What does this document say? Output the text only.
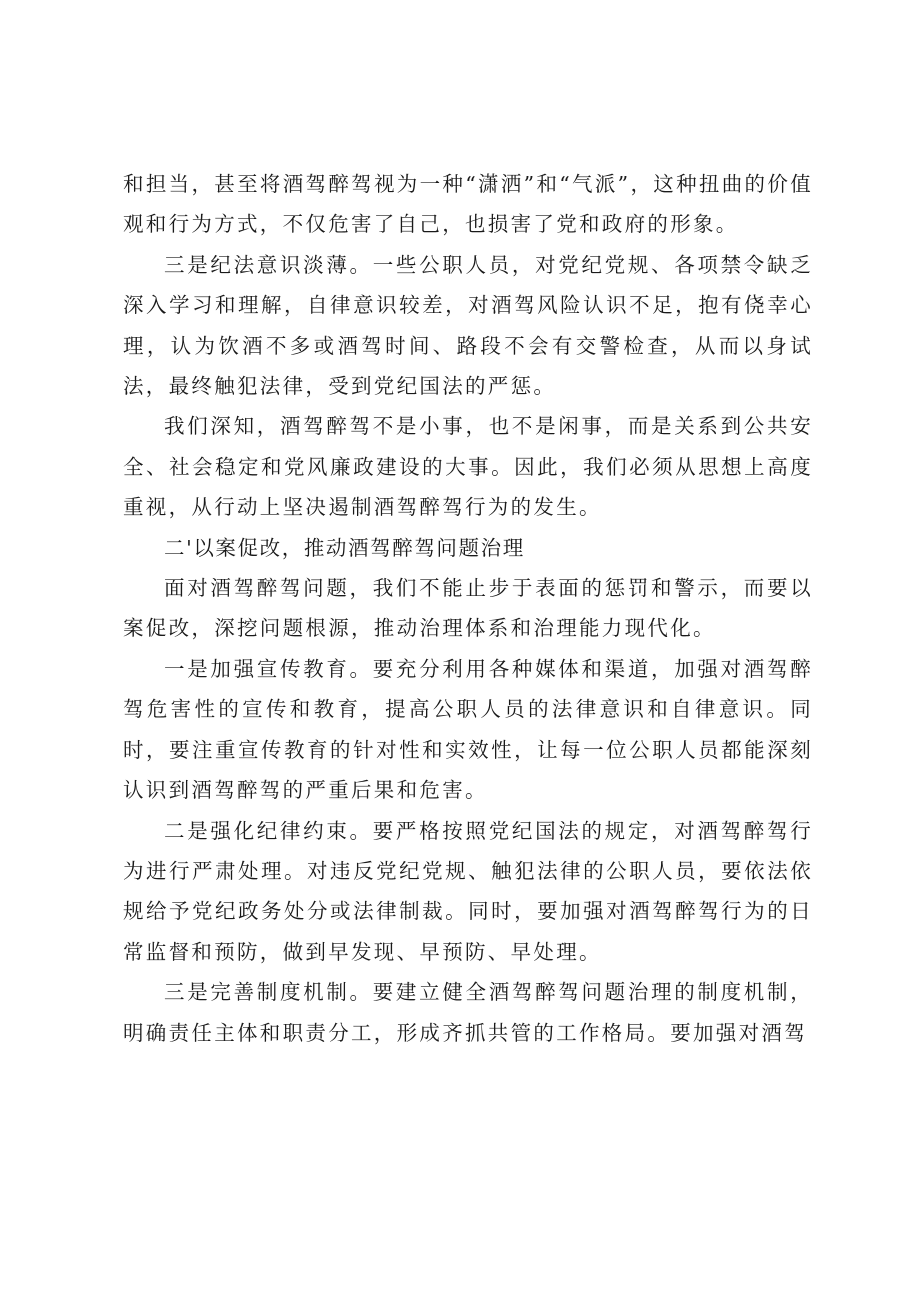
和担当，甚至将酒驾醉驾视为一种“潇洒”和“气派”，这种扭曲的价值观和行为方式，不仅危害了自己，也损害了党和政府的形象。

三是纪法意识淡薄。一些公职人员，对党纪党规、各项禁令缺乏深入学习和理解，自律意识较差，对酒驾风险认识不足，抱有侥幸心理，认为饮酒不多或酒驾时间、路段不会有交警检查，从而以身试法，最终触犯法律，受到党纪国法的严惩。

我们深知，酒驾醉驾不是小事，也不是闲事，而是关系到公共安全、社会稳定和党风廉政建设的大事。因此，我们必须从思想上高度重视，从行动上坚决遏制酒驾醉驾行为的发生。

二'以案促改，推动酒驾醉驾问题治理

面对酒驾醉驾问题，我们不能止步于表面的惩罚和警示，而要以案促改，深挖问题根源，推动治理体系和治理能力现代化。

一是加强宣传教育。要充分利用各种媒体和渠道，加强对酒驾醉驾危害性的宣传和教育，提高公职人员的法律意识和自律意识。同时，要注重宣传教育的针对性和实效性，让每一位公职人员都能深刻认识到酒驾醉驾的严重后果和危害。

二是强化纪律约束。要严格按照党纪国法的规定，对酒驾醉驾行为进行严肃处理。对违反党纪党规、触犯法律的公职人员，要依法依规给予党纪政务处分或法律制裁。同时，要加强对酒驾醉驾行为的日常监督和预防，做到早发现、早预防、早处理。

三是完善制度机制。要建立健全酒驾醉驾问题治理的制度机制，明确责任主体和职责分工，形成齐抓共管的工作格局。要加强对酒驾
